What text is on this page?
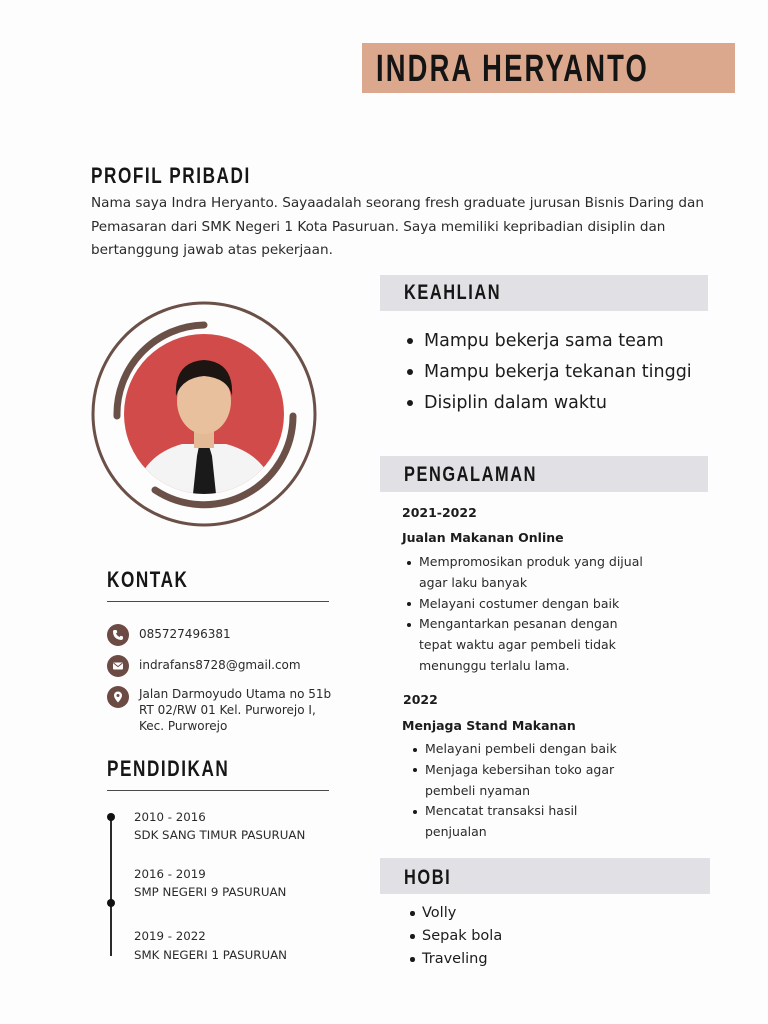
INDRA HERYANTO
PROFIL PRIBADI
Nama saya Indra Heryanto. Sayaadalah seorang fresh graduate jurusan Bisnis Daring dan Pemasaran dari SMK Negeri 1 Kota Pasuruan. Saya memiliki kepribadian disiplin dan bertanggung jawab atas pekerjaan.
KEAHLIAN
Mampu bekerja sama team
Mampu bekerja tekanan tinggi
Disiplin dalam waktu
PENGALAMAN
2021-2022
Jualan Makanan Online
Mempromosikan produk yang dijual agar laku banyak
Melayani costumer dengan baik
Mengantarkan pesanan dengan tepat waktu agar pembeli tidak menunggu terlalu lama.
2022
Menjaga Stand Makanan
Melayani pembeli dengan baik
Menjaga kebersihan toko agar pembeli nyaman
Mencatat transaksi hasil penjualan
HOBI
Volly
Sepak bola
Traveling
KONTAK
085727496381
indrafans8728@gmail.com
Jalan Darmoyudo Utama no 51b
RT 02/RW 01 Kel. Purworejo I,
Kec. Purworejo
PENDIDIKAN
2010 - 2016
SDK SANG TIMUR PASURUAN
2016 - 2019
SMP NEGERI 9 PASURUAN
2019 - 2022
SMK NEGERI 1 PASURUAN
